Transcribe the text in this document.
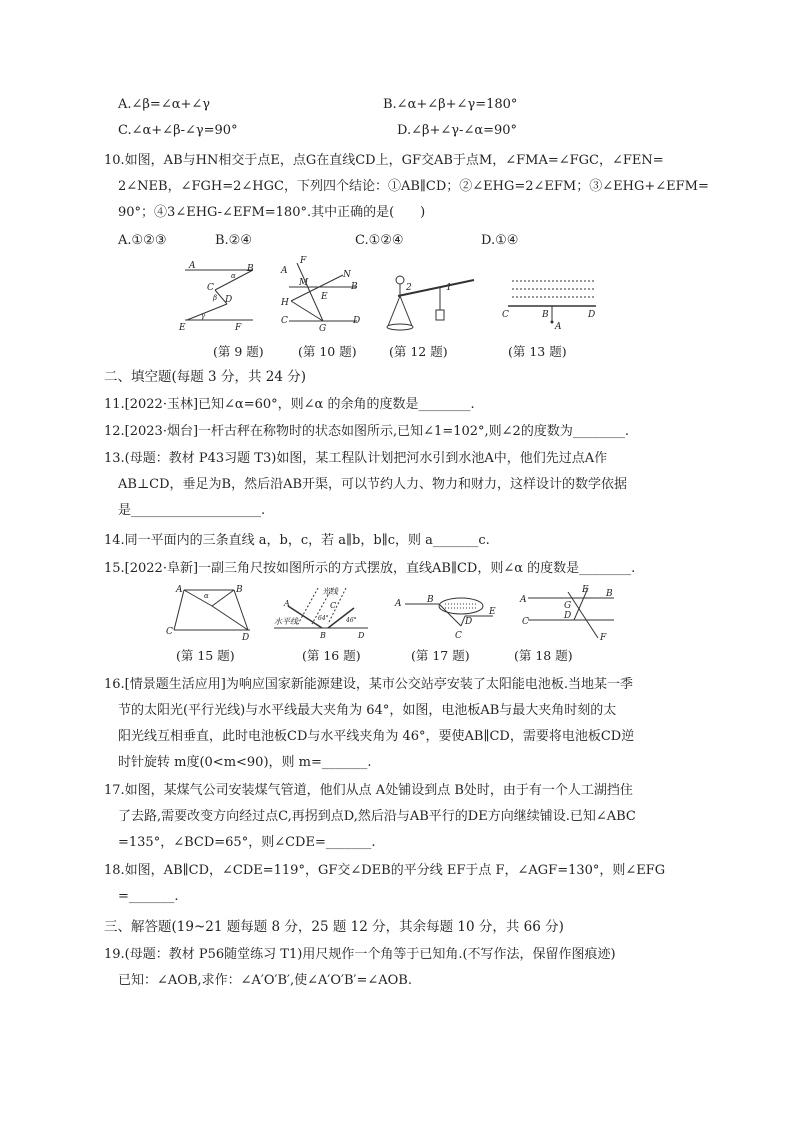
A.∠β=∠α+∠γ	B.∠α+∠β+∠γ=180°
C.∠α+∠β-∠γ=90°	D.∠β+∠γ-∠α=90°
10.如图，AB与HN相交于点E，点G在直线CD上，GF交AB于点M，∠FMA=∠FGC，∠FEN=
2∠NEB，∠FGH=2∠HGC，下列四个结论：①AB∥CD；②∠EHG=2∠EFM；③∠EHG+∠EFM=
90°；④3∠EHG-∠EFM=180°.其中正确的是(　　)
A.①②③	B.②④	C.①②④	D.①④
A	B
α
C
β D
γ
E	F
F
A
M
N
B
E
H
C
G
D
2	1
C	B
A
D
(第 9 题)	(第 10 题)	(第 12 题)	(第 13 题)
二、填空题(每题 3 分，共 24 分)
11.[2022·玉林]已知∠α=60°，则∠α 的余角的度数是________.
12.[2023·烟台]一杆古秤在称物时的状态如图所示,已知∠1=102°,则∠2的度数为________.
13.(母题：教材 P43习题 T3)如图，某工程队计划把河水引到水池A中，他们先过点A作
AB⊥CD，垂足为B，然后沿AB开渠，可以节约人力、物力和财力，这样设计的数学依据
是____________________.
14.同一平面内的三条直线 a，b，c，若 a∥b，b∥c，则 a_______c.
15.[2022·阜新]一副三角尺按如图所示的方式摆放，直线AB∥CD，则∠α 的度数是________.
A
α
B
C
D
光线
A	C
水平线	64°
B
46°
D
A	B
C
D
E
A
E
G
B
C
D
F
(第 15 题)	(第 16 题)	(第 17 题)	(第 18 题)
16.[情景题生活应用]为响应国家新能源建设，某市公交站亭安装了太阳能电池板.当地某一季
节的太阳光(平行光线)与水平线最大夹角为 64°，如图，电池板AB与最大夹角时刻的太
阳光线互相垂直，此时电池板CD与水平线夹角为 46°，要使AB∥CD，需要将电池板CD逆
时针旋转 m度(0<m<90)，则 m=_______.
17.如图，某煤气公司安装煤气管道，他们从点 A处铺设到点 B处时，由于有一个人工湖挡住
了去路,需要改变方向经过点C,再拐到点D,然后沿与AB平行的DE方向继续铺设.已知∠ABC
=135°，∠BCD=65°，则∠CDE=_______.
18.如图，AB∥CD，∠CDE=119°，GF交∠DEB的平分线 EF于点 F，∠AGF=130°，则∠EFG
=_______.
三、解答题(19~21 题每题 8 分，25 题 12 分，其余每题 10 分，共 66 分)
19.(母题：教材 P56随堂练习 T1)用尺规作一个角等于已知角.(不写作法，保留作图痕迹)
已知：∠AOB,求作：∠A′O′B′,使∠A′O′B′=∠AOB.
